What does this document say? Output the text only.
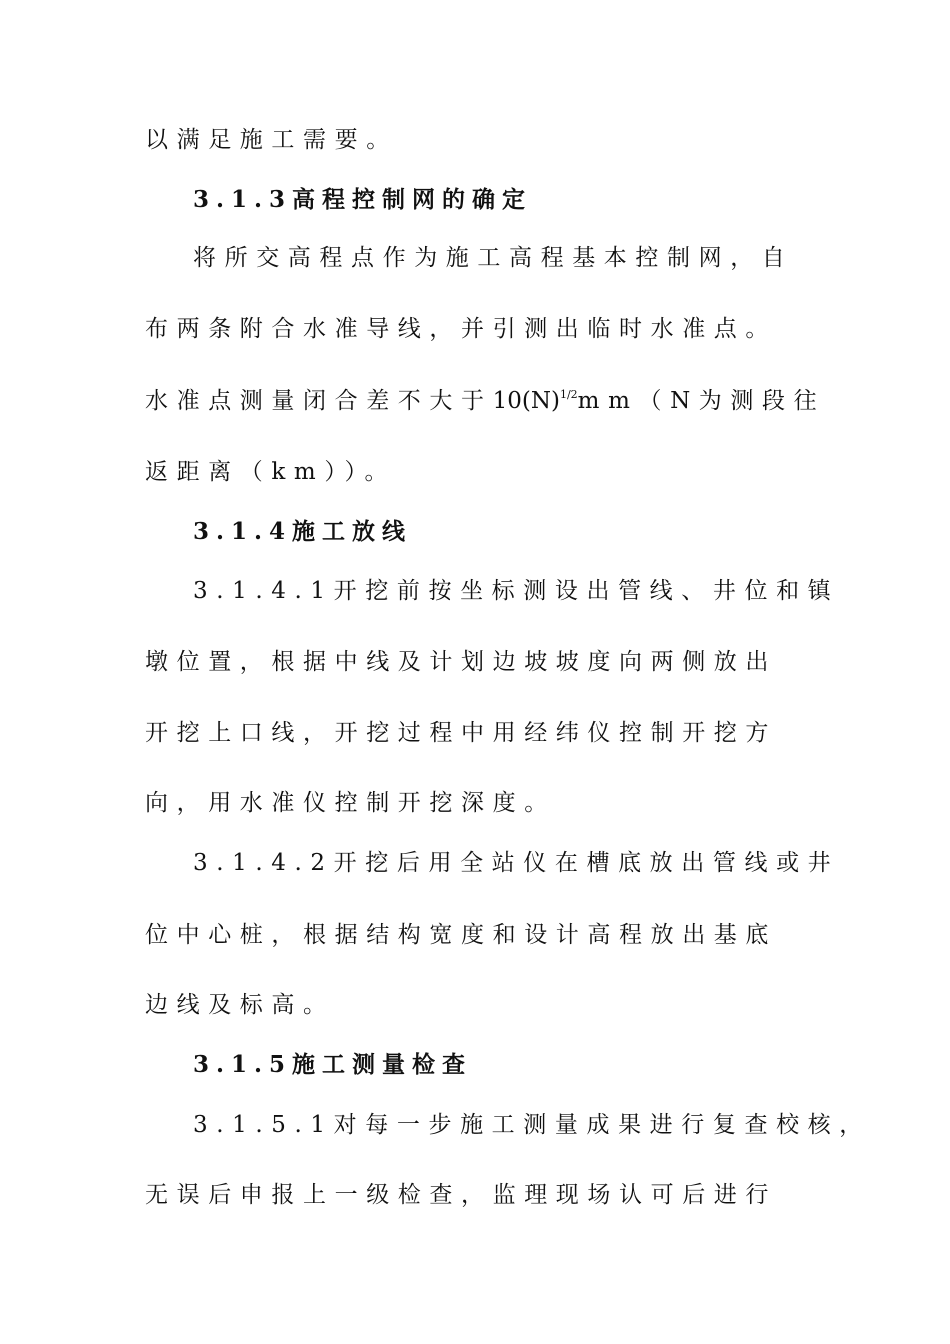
以满足施工需要。
3.1.3高程控制网的确定
将所交高程点作为施工高程基本控制网，自
布两条附合水准导线，并引测出临时水准点。
水准点测量闭合差不大于$10(N)^{1/2}mm(N$为测段往
返距离（km））。
3.1.4施工放线
3.1.4.1开挖前按坐标测设出管线、井位和镇
墩位置，根据中线及计划边坡坡度向两侧放出
开挖上口线，开挖过程中用经纬仪控制开挖方
向，用水准仪控制开挖深度。
3.1.4.2开挖后用全站仪在槽底放出管线或井
位中心桩，根据结构宽度和设计高程放出基底
边线及标高。
3.1.5施工测量检查
3.1.5.1对每一步施工测量成果进行复查校核，
无误后申报上一级检查，监理现场认可后进行
